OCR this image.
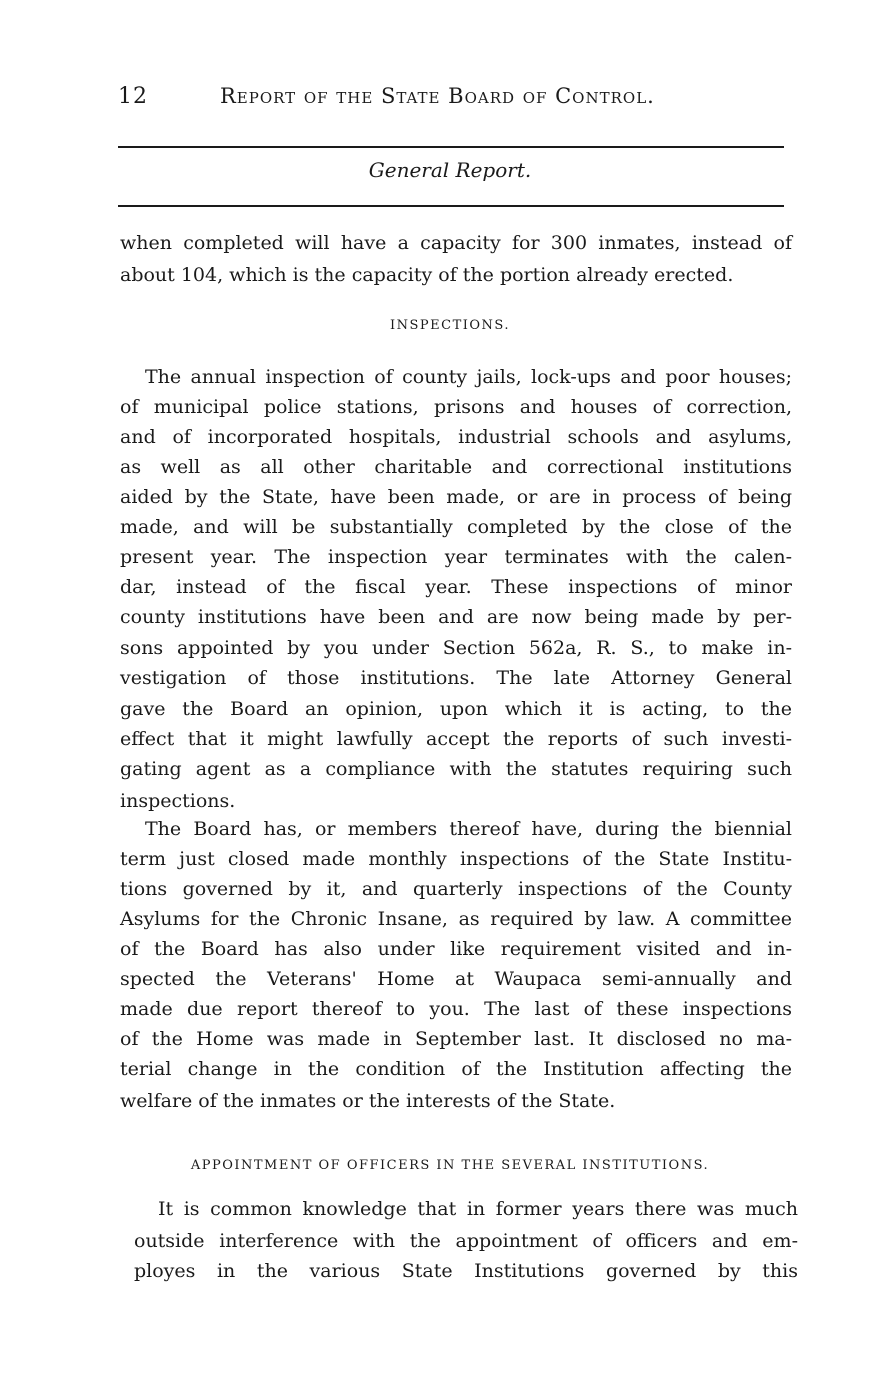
12	Report of the State Board of Control.
General Report.
when completed will have a capacity for 300 inmates, instead of
about 104, which is the capacity of the portion already erected.
INSPECTIONS.
The annual inspection of county jails, lock-ups and poor houses;
of municipal police stations, prisons and houses of correction,
and of incorporated hospitals, industrial schools and asylums,
as well as all other charitable and correctional institutions
aided by the State, have been made, or are in process of being
made, and will be substantially completed by the close of the
present year. The inspection year terminates with the calen-
dar, instead of the fiscal year. These inspections of minor
county institutions have been and are now being made by per-
sons appointed by you under Section 562a, R. S., to make in-
vestigation of those institutions. The late Attorney General
gave the Board an opinion, upon which it is acting, to the
effect that it might lawfully accept the reports of such investi-
gating agent as a compliance with the statutes requiring such
inspections.
The Board has, or members thereof have, during the biennial
term just closed made monthly inspections of the State Institu-
tions governed by it, and quarterly inspections of the County
Asylums for the Chronic Insane, as required by law. A committee
of the Board has also under like requirement visited and in-
spected the Veterans' Home at Waupaca semi-annually and
made due report thereof to you. The last of these inspections
of the Home was made in September last. It disclosed no ma-
terial change in the condition of the Institution affecting the
welfare of the inmates or the interests of the State.
APPOINTMENT OF OFFICERS IN THE SEVERAL INSTITUTIONS.
It is common knowledge that in former years there was much
outside interference with the appointment of officers and em-
ployes in the various State Institutions governed by this
